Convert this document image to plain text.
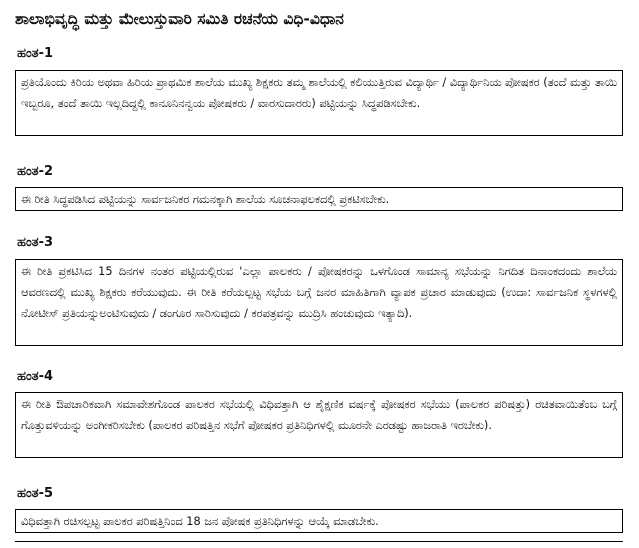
ಶಾಲಾಭಿವೃದ್ಧಿ ಮತ್ತು ಮೇಲುಸ್ತುವಾರಿ ಸಮಿತಿ ರಚನೆಯ ವಿಧಿ-ವಿಧಾನ
ಹಂತ-1
ಪ್ರತಿಯೊಂದು ಕಿರಿಯ ಅಥವಾ ಹಿರಿಯ ಪ್ರಾಥಮಿಕ ಶಾಲೆಯ ಮುಖ್ಯ ಶಿಕ್ಷಕರು ತಮ್ಮ ಶಾಲೆಯಲ್ಲಿ ಕಲಿಯುತ್ತಿರುವ ವಿದ್ಯಾರ್ಥಿ / ವಿದ್ಯಾರ್ಥಿನಿಯ ಪೋಷಕರ (ತಂದೆ ಮತ್ತು ತಾಯಿ ಇಬ್ಬರೂ, ತಂದೆ ತಾಯಿ ಇಲ್ಲದಿದ್ದಲ್ಲಿ ಕಾನೂನಿನನ್ವಯ ಪೋಷಕರು / ವಾರಸುದಾರರು) ಪಟ್ಟಿಯನ್ನು ಸಿದ್ಧಪಡಿಸಬೇಕು.
ಹಂತ-2
ಈ ರೀತಿ ಸಿದ್ಧಪಡಿಸಿದ ಪಟ್ಟಿಯನ್ನು ಸಾರ್ವಜನಿಕರ ಗಮನಕ್ಕಾಗಿ ಶಾಲೆಯ ಸೂಚನಾಫಲಕದಲ್ಲಿ ಪ್ರಕಟಿಸಬೇಕು.
ಹಂತ-3
ಈ ರೀತಿ ಪ್ರಕಟಿಸಿದ 15 ದಿನಗಳ ನಂತರ ಪಟ್ಟಿಯಲ್ಲಿರುವ 'ಎಲ್ಲಾ ಪಾಲಕರು / ಪೋಷಕರನ್ನು ಒಳಗೊಂಡ ಸಾಮಾನ್ಯ ಸಭೆಯನ್ನು ನಿಗದಿತ ದಿನಾಂಕದಂದು ಶಾಲೆಯ ಆವರಣದಲ್ಲಿ ಮುಖ್ಯ ಶಿಕ್ಷಕರು ಕರೆಯುವುದು. ಈ ರೀತಿ ಕರೆಯಲ್ಪಟ್ಟ ಸಭೆಯ ಬಗ್ಗೆ ಜನರ ಮಾಹಿತಿಗಾಗಿ ವ್ಯಾಪಕ ಪ್ರಚಾರ ಮಾಡುವುದು (ಉದಾ: ಸಾರ್ವಜನಿಕ ಸ್ಥಳಗಳಲ್ಲಿ ನೋಟೀಸ್ ಪ್ರತಿಯನ್ನುಅಂಟಿಸುವುದು / ಡಂಗೂರ ಸಾರಿಸುವುದು / ಕರಪತ್ರವನ್ನು ಮುದ್ರಿಸಿ ಹಂಚುವುದು ಇತ್ಯಾದಿ).
ಹಂತ-4
ಈ ರೀತಿ ಔಪಚಾರಿಕವಾಗಿ ಸಮಾವೇಶಗೊಂಡ ಪಾಲಕರ ಸಭೆಯಲ್ಲಿ ವಿಧಿವತ್ತಾಗಿ ಆ ಶೈಕ್ಷಣಿಕ ವರ್ಷಕ್ಕೆ ಪೋಷಕರ ಸಭೆಯು (ಪಾಲಕರ ಪರಿಷತ್ತು) ರಚಿತವಾಯಿತೆಂಬ ಬಗ್ಗೆ ಗೊತ್ತುವಳಿಯನ್ನು ಅಂಗೀಕರಿಸಬೇಕು (ಪಾಲಕರ ಪರಿಷತ್ತಿನ ಸಭೆಗೆ ಪೋಷಕರ ಪ್ರತಿನಿಧಿಗಳಲ್ಲಿ ಮೂರನೇ ಎರಡಷ್ಟು ಹಾಜರಾತಿ ಇರಬೇಕು).
ಹಂತ-5
ವಿಧಿವತ್ತಾಗಿ ರಚಿಸಲ್ಪಟ್ಟ ಪಾಲಕರ ಪರಿಷತ್ತಿನಿಂದ 18 ಜನ ಪೋಷಕ ಪ್ರತಿನಿಧಿಗಳನ್ನು ಆಯ್ಕೆ ಮಾಡಬೇಕು.
